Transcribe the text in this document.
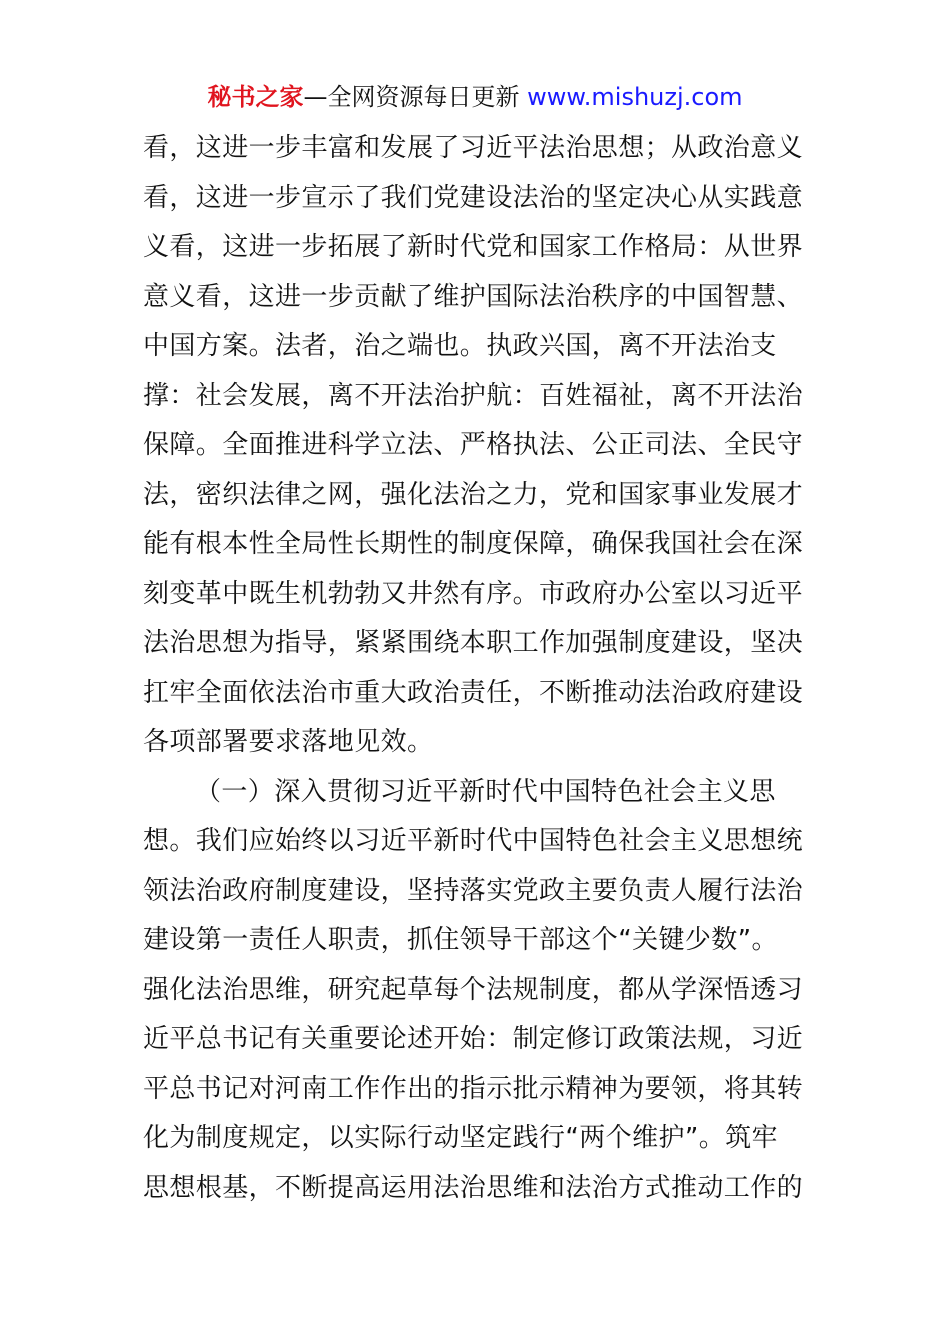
秘书之家—全网资源每日更新 www.mishuzj.com
看，这进一步丰富和发展了习近平法治思想；从政治意义
看，这进一步宣示了我们党建设法治的坚定决心从实践意
义看，这进一步拓展了新时代党和国家工作格局：从世界
意义看，这进一步贡献了维护国际法治秩序的中国智慧、
中国方案。法者，治之端也。执政兴国，离不开法治支
撑：社会发展，离不开法治护航：百姓福祉，离不开法治
保障。全面推进科学立法、严格执法、公正司法、全民守
法，密织法律之网，强化法治之力，党和国家事业发展才
能有根本性全局性长期性的制度保障，确保我国社会在深
刻变革中既生机勃勃又井然有序。市政府办公室以习近平
法治思想为指导，紧紧围绕本职工作加强制度建设，坚决
扛牢全面依法治市重大政治责任，不断推动法治政府建设
各项部署要求落地见效。
（一）深入贯彻习近平新时代中国特色社会主义思
想。我们应始终以习近平新时代中国特色社会主义思想统
领法治政府制度建设，坚持落实党政主要负责人履行法治
建设第一责任人职责，抓住领导干部这个“关键少数”。
强化法治思维，研究起草每个法规制度，都从学深悟透习
近平总书记有关重要论述开始：制定修订政策法规，习近
平总书记对河南工作作出的指示批示精神为要领，将其转
化为制度规定，以实际行动坚定践行“两个维护”。筑牢
思想根基，不断提高运用法治思维和法治方式推动工作的
